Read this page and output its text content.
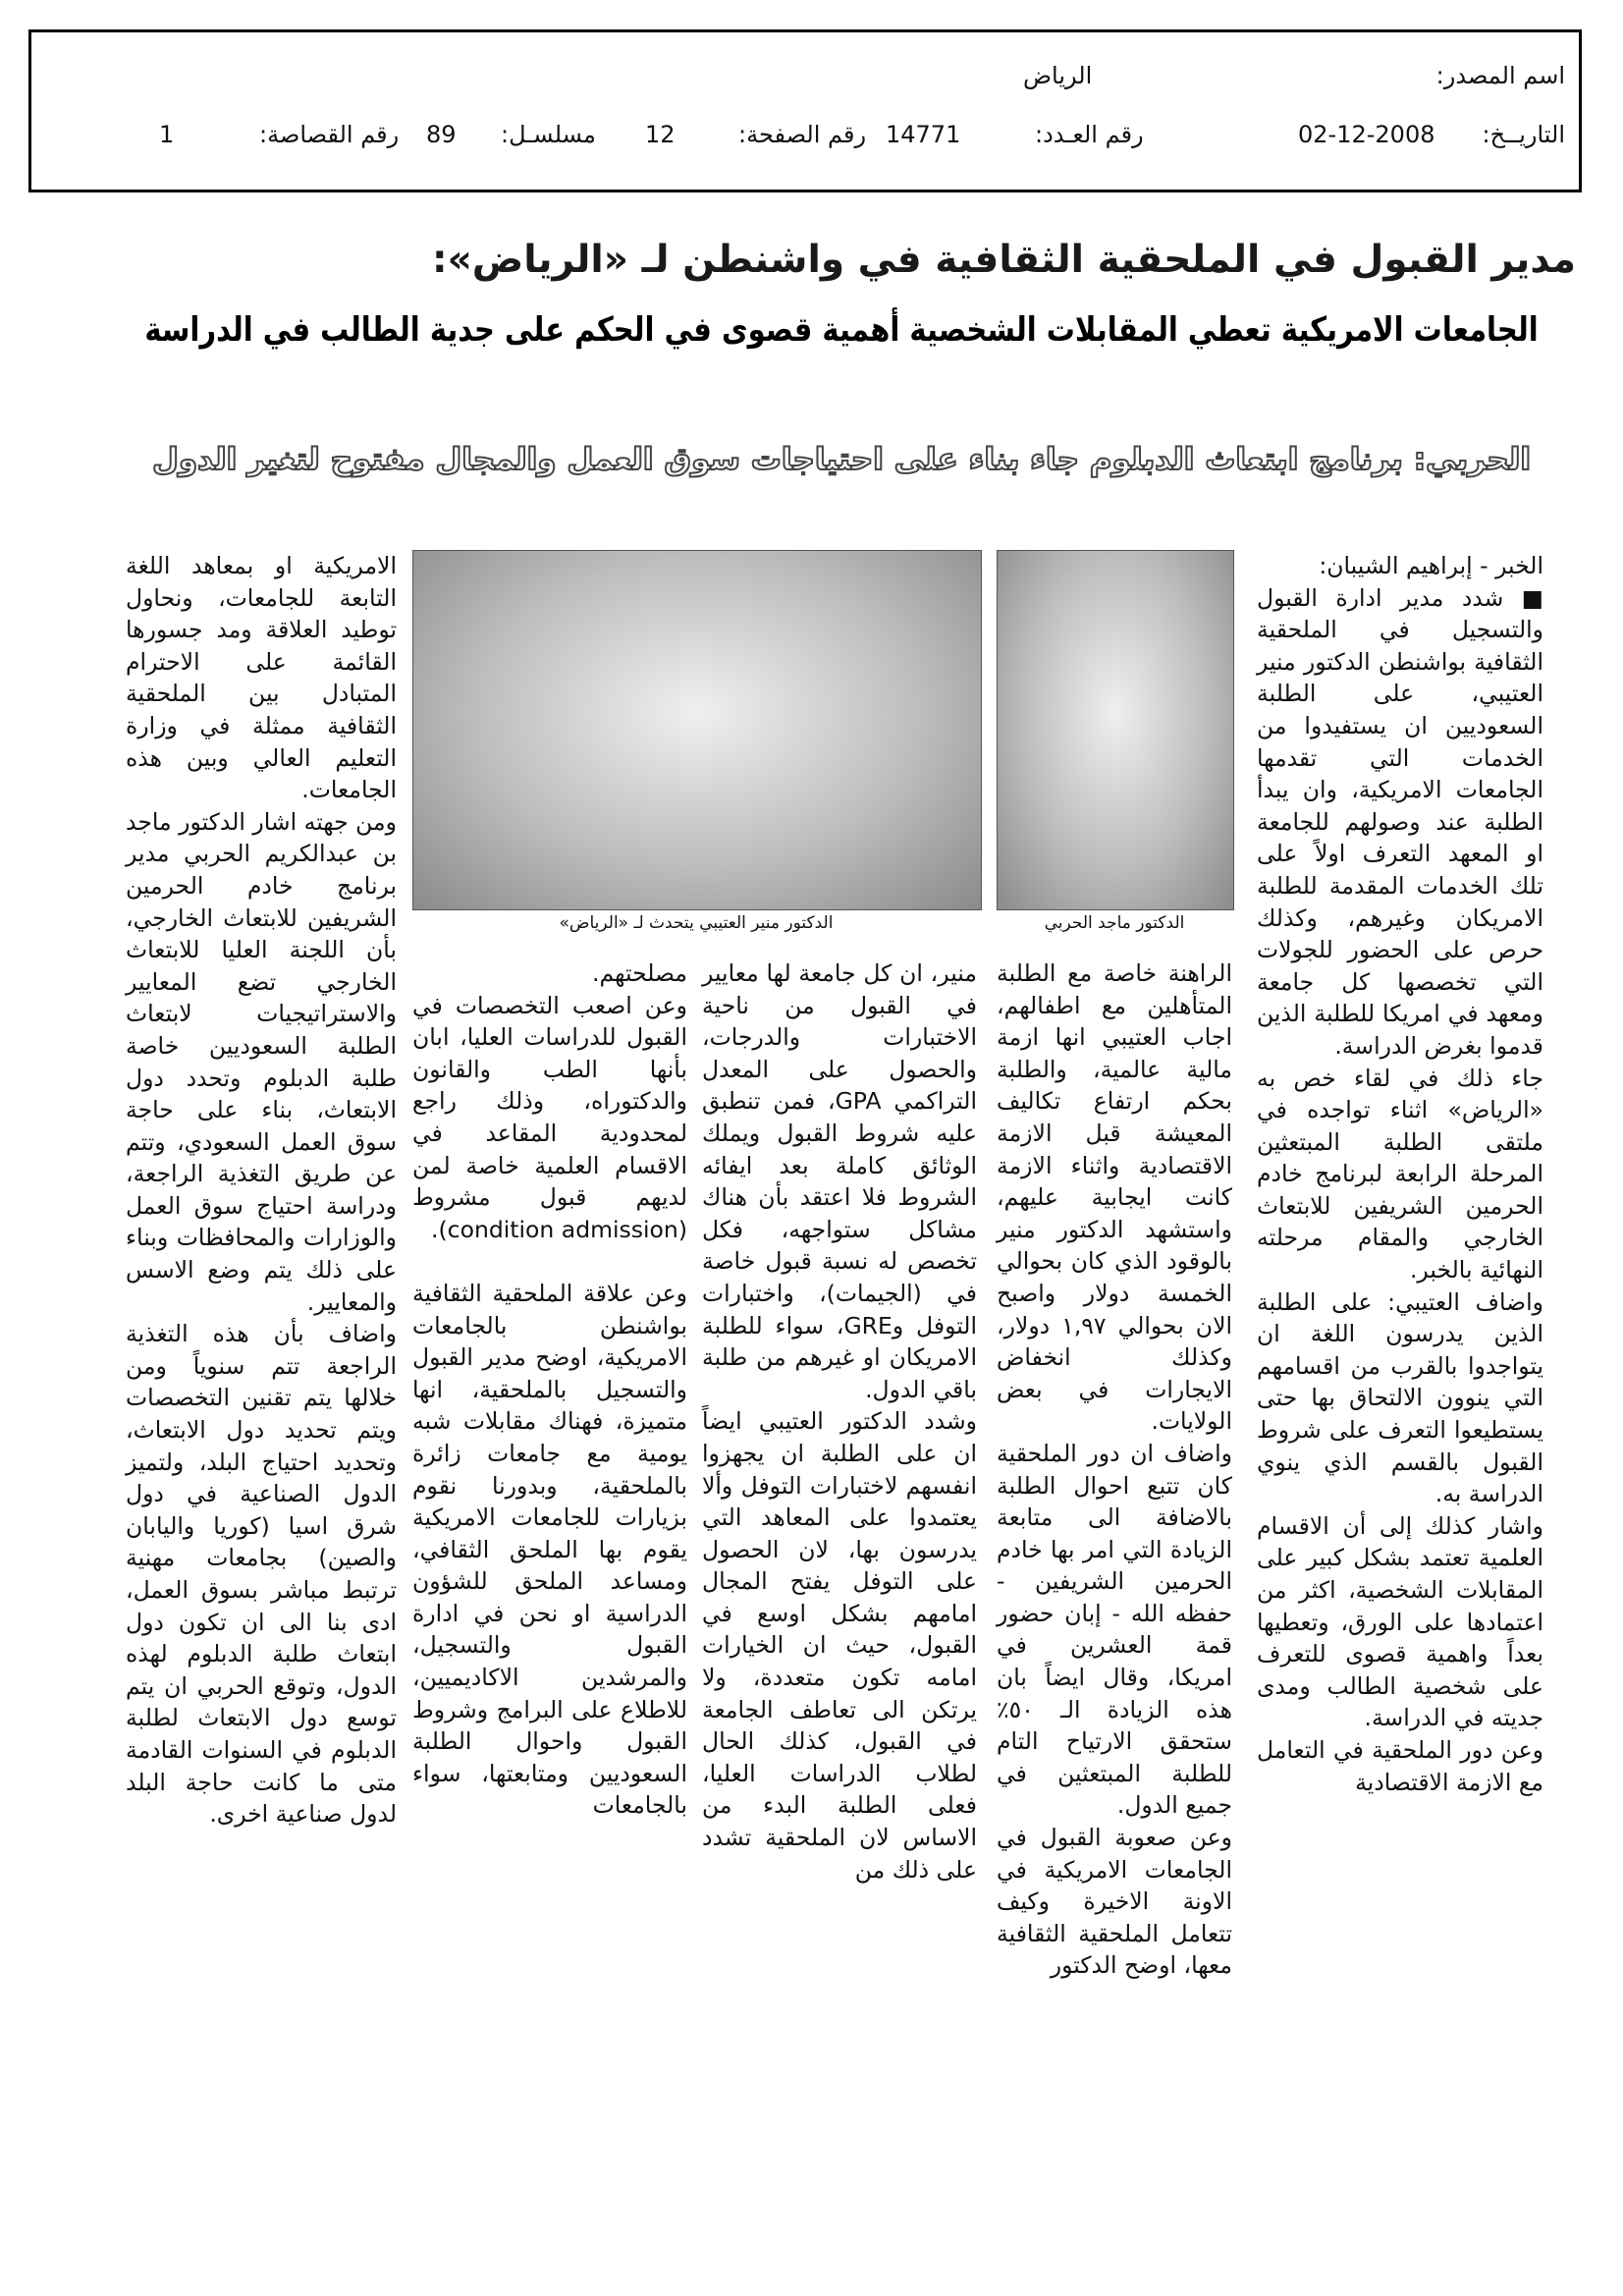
اسم المصدر:
الرياض
التاريــخ:
02-12-2008
رقم العـدد:
14771
رقم الصفحة:
12
مسلسـل:
89
رقم القصاصة:
1
مدير القبول في الملحقية الثقافية في واشنطن لـ «الرياض»:
الجامعات الامريكية تعطي المقابلات الشخصية أهمية قصوى في الحكم على جدية الطالب في الدراسة
الحربي: برنامج ابتعاث الدبلوم جاء بناء على احتياجات سوق العمل والمجال مفتوح لتغير الدول
الدكتور ماجد الحربي
الدكتور منير العتيبي يتحدث لـ «الرياض»
الخبر - إبراهيم الشيبان:
■ شدد مدير ادارة القبول والتسجيل في الملحقية الثقافية بواشنطن الدكتور منير العتيبي، على الطلبة السعوديين ان يستفيدوا من الخدمات التي تقدمها الجامعات الامريكية، وان يبدأ الطلبة عند وصولهم للجامعة او المعهد التعرف اولاً على تلك الخدمات المقدمة للطلبة الامريكان وغيرهم، وكذلك حرص على الحضور للجولات التي تخصصها كل جامعة ومعهد في امريكا للطلبة الذين قدموا بغرض الدراسة.
جاء ذلك في لقاء خص به «الرياض» اثناء تواجده في ملتقى الطلبة المبتعثين المرحلة الرابعة لبرنامج خادم الحرمين الشريفين للابتعاث الخارجي والمقام مرحلته النهائية بالخبر.
واضاف العتيبي: على الطلبة الذين يدرسون اللغة ان يتواجدوا بالقرب من اقسامهم التي ينوون الالتحاق بها حتى يستطيعوا التعرف على شروط القبول بالقسم الذي ينوي الدراسة به.
واشار كذلك إلى أن الاقسام العلمية تعتمد بشكل كبير على المقابلات الشخصية، اكثر من اعتمادها على الورق، وتعطيها بعداً واهمية قصوى للتعرف على شخصية الطالب ومدى جديته في الدراسة.
وعن دور الملحقية في التعامل مع الازمة الاقتصادية
الراهنة خاصة مع الطلبة المتأهلين مع اطفالهم، اجاب العتيبي انها ازمة مالية عالمية، والطلبة بحكم ارتفاع تكاليف المعيشة قبل الازمة الاقتصادية واثناء الازمة كانت ايجابية عليهم، واستشهد الدكتور منير بالوقود الذي كان بحوالي الخمسة دولار واصبح الان بحوالي ١,٩٧ دولار، وكذلك انخفاض الايجارات في بعض الولايات.
واضاف ان دور الملحقية كان تتبع احوال الطلبة بالاضافة الى متابعة الزيادة التي امر بها خادم الحرمين الشريفين - حفظه الله - إبان حضور قمة العشرين في امريكا، وقال ايضاً بان هذه الزيادة الـ ٥٠٪ ستحقق الارتياح التام للطلبة المبتعثين في جميع الدول.
وعن صعوبة القبول في الجامعات الامريكية في الاونة الاخيرة وكيف تتعامل الملحقية الثقافية معها، اوضح الدكتور
منير، ان كل جامعة لها معايير في القبول من ناحية الاختبارات والدرجات، والحصول على المعدل التراكمي GPA، فمن تنطبق عليه شروط القبول ويملك الوثائق كاملة بعد ايفائه الشروط فلا اعتقد بأن هناك مشاكل ستواجهه، فكل تخصص له نسبة قبول خاصة في (الجيمات)، واختبارات التوفل وGRE، سواء للطلبة الامريكان او غيرهم من طلبة باقي الدول.
وشدد الدكتور العتيبي ايضاً ان على الطلبة ان يجهزوا انفسهم لاختبارات التوفل وألا يعتمدوا على المعاهد التي يدرسون بها، لان الحصول على التوفل يفتح المجال امامهم بشكل اوسع في القبول، حيث ان الخيارات امامه تكون متعددة، ولا يرتكن الى تعاطف الجامعة في القبول، كذلك الحال لطلاب الدراسات العليا، فعلى الطلبة البدء من الاساس لان الملحقية تشدد على ذلك من
مصلحتهم.
وعن اصعب التخصصات في القبول للدراسات العليا، ابان بأنها الطب والقانون والدكتوراه، وذلك راجع لمحدودية المقاعد في الاقسام العلمية خاصة لمن لديهم قبول مشروط (condition admission).

وعن علاقة الملحقية الثقافية بواشنطن بالجامعات الامريكية، اوضح مدير القبول والتسجيل بالملحقية، انها متميزة، فهناك مقابلات شبه يومية مع جامعات زائرة بالملحقية، وبدورنا نقوم بزيارات للجامعات الامريكية يقوم بها الملحق الثقافي، ومساعد الملحق للشؤون الدراسية او نحن في ادارة القبول والتسجيل، والمرشدين الاكاديميين، للاطلاع على البرامج وشروط القبول واحوال الطلبة السعوديين ومتابعتها، سواء بالجامعات
الامريكية او بمعاهد اللغة التابعة للجامعات، ونحاول توطيد العلاقة ومد جسورها القائمة على الاحترام المتبادل بين الملحقية الثقافية ممثلة في وزارة التعليم العالي وبين هذه الجامعات.
ومن جهته اشار الدكتور ماجد بن عبدالكريم الحربي مدير برنامج خادم الحرمين الشريفين للابتعاث الخارجي، بأن اللجنة العليا للابتعاث الخارجي تضع المعايير والاستراتيجيات لابتعاث الطلبة السعوديين خاصة طلبة الدبلوم وتحدد دول الابتعاث، بناء على حاجة سوق العمل السعودي، وتتم عن طريق التغذية الراجعة، ودراسة احتياج سوق العمل والوزارات والمحافظات وبناء على ذلك يتم وضع الاسس والمعايير.
واضاف بأن هذه التغذية الراجعة تتم سنوياً ومن خلالها يتم تقنين التخصصات ويتم تحديد دول الابتعاث، وتحديد احتياج البلد، ولتميز الدول الصناعية في دول شرق اسيا (كوريا واليابان والصين) بجامعات مهنية ترتبط مباشر بسوق العمل، ادى بنا الى ان تكون دول ابتعاث طلبة الدبلوم لهذه الدول، وتوقع الحربي ان يتم توسع دول الابتعاث لطلبة الدبلوم في السنوات القادمة متى ما كانت حاجة البلد لدول صناعية اخرى.
